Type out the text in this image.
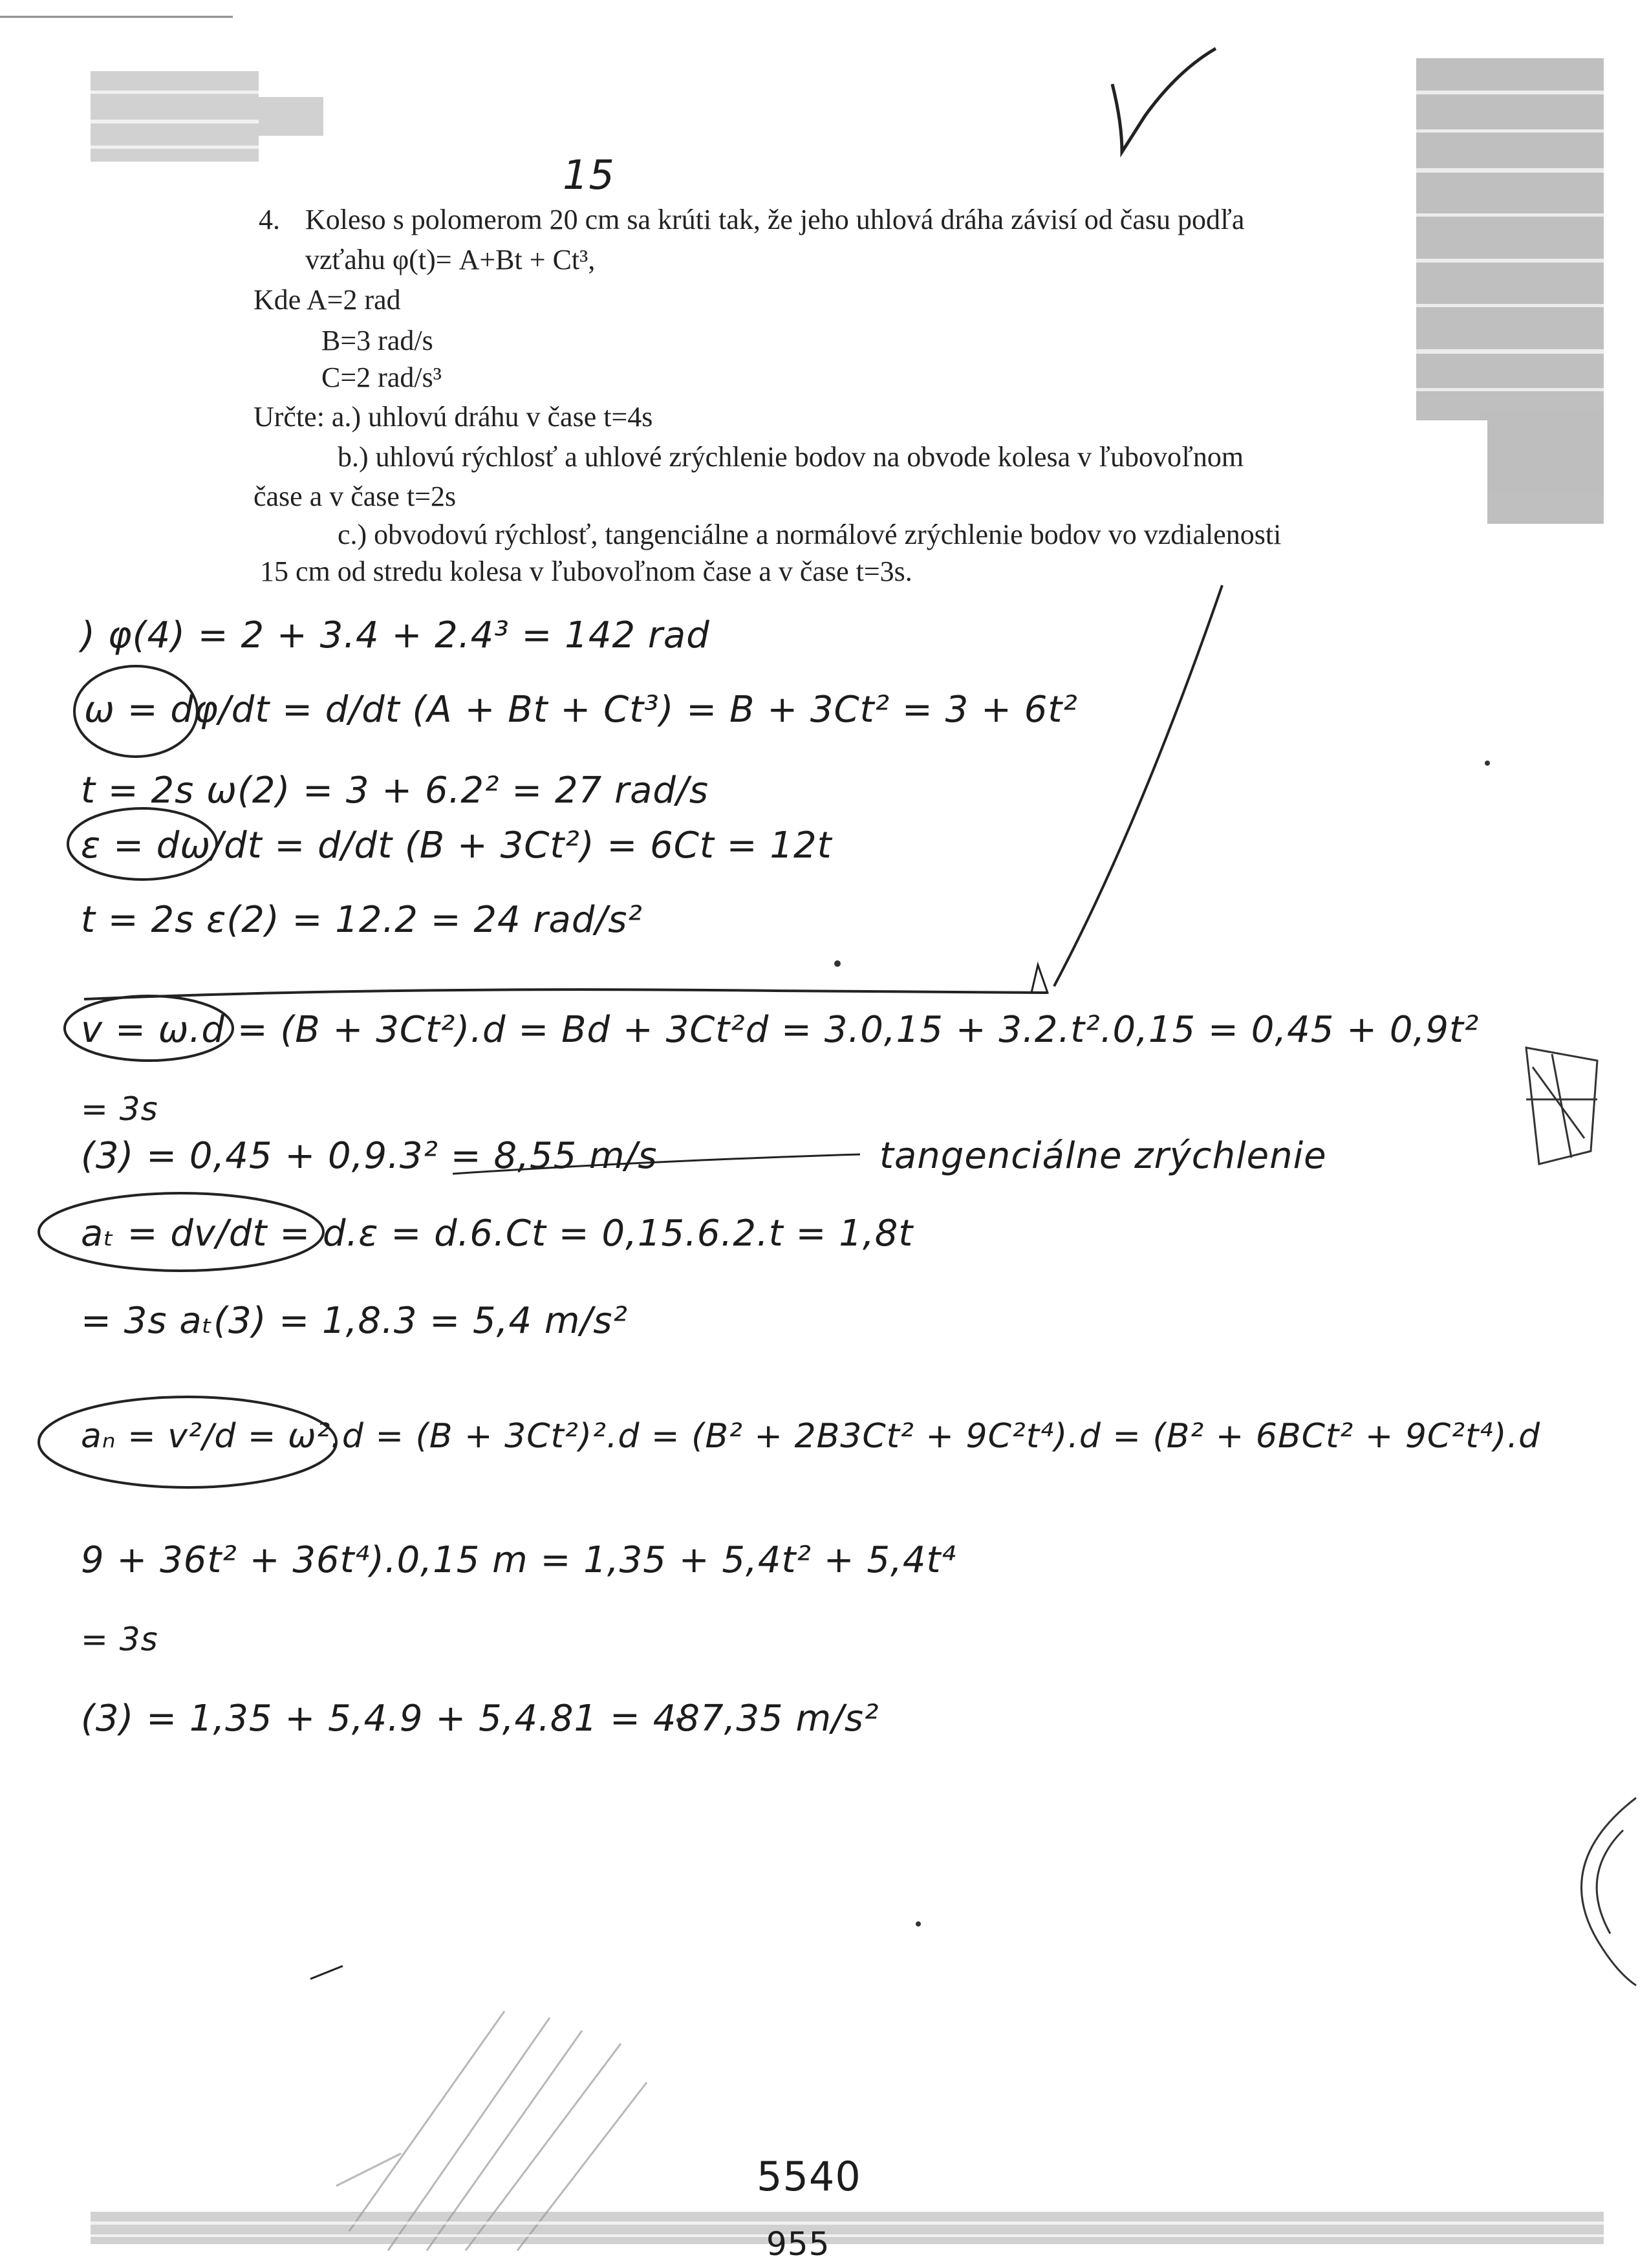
15
4. Koleso s polomerom 20 cm sa krúti tak, že jeho uhlová dráha závisí od času podľa
vzťahu φ(t)= A+Bt + Ct³,
Kde A=2 rad
B=3 rad/s
C=2 rad/s³
Určte: a.) uhlovú dráhu v čase t=4s
b.) uhlovú rýchlosť a uhlové zrýchlenie bodov na obvode kolesa v ľubovoľnom
čase a v čase t=2s
c.) obvodovú rýchlosť, tangenciálne a normálové zrýchlenie bodov vo vzdialenosti
15 cm od stredu kolesa v ľubovoľnom čase a v čase t=3s.
) φ(4) = 2 + 3.4 + 2.4³ = 142 rad
ω = dφ/dt = d/dt (A + Bt + Ct³) = B + 3Ct² = 3 + 6t²
t = 2s ω(2) = 3 + 6.2² = 27 rad/s
ε = dω/dt = d/dt (B + 3Ct²) = 6Ct = 12t
t = 2s ε(2) = 12.2 = 24 rad/s²
v = ω.d = (B + 3Ct²).d = Bd + 3Ct²d = 3.0,15 + 3.2.t².0,15 = 0,45 + 0,9t²
= 3s
(3) = 0,45 + 0,9.3² = 8,55 m/s	tangenciálne zrýchlenie
aₜ = dv/dt = d.ε = d.6.Ct = 0,15.6.2.t = 1,8t
= 3s aₜ(3) = 1,8.3 = 5,4 m/s²
aₙ = v²/d = ω².d = (B + 3Ct²)².d = (B² + 2B3Ct² + 9C²t⁴).d = (B² + 6BCt² + 9C²t⁴).d
9 + 36t² + 36t⁴).0,15 m = 1,35 + 5,4t² + 5,4t⁴
= 3s
(3) = 1,35 + 5,4.9 + 5,4.81 = 487,35 m/s²
5540
955
